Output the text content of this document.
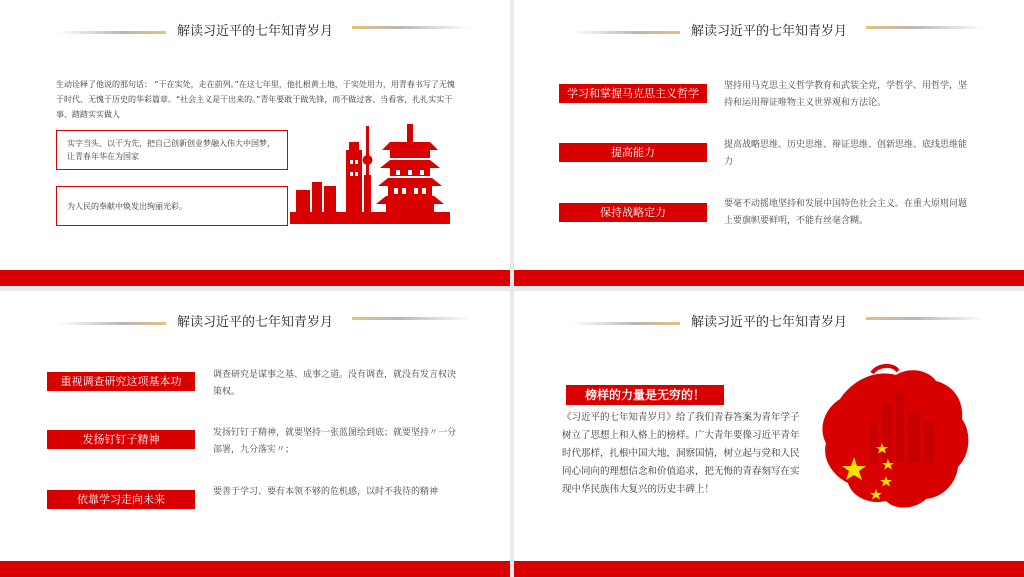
解读习近平的七年知青岁月
生动诠释了他说的那句话： “干在实处，走在前列。”在这七年里，他扎根黄土地，于实处用力，用青春书写了无愧于时代、无愧于历史的华彩篇章。“社会主义是干出来的。”青年要敢于做先锋，而不做过客、当看客，扎扎实实干事、踏踏实实做人
实字当头、以干为先，把自己创新创业梦融入伟大中国梦，让青春年华在为国家
为人民的奉献中焕发出绚丽光彩。
解读习近平的七年知青岁月
学习和掌握马克思主义哲学
坚持用马克思主义哲学教育和武装全党，学哲学、用哲学，坚持和运用辩证唯物主义世界观和方法论。
提高能力
提高战略思维、历史思维、辩证思维、创新思维、底线思维能力
保持战略定力
要毫不动摇地坚持和发展中国特色社会主义。在重大原则问题上要旗帜要鲜明，不能有丝毫含糊。
解读习近平的七年知青岁月
重视调查研究这项基本功	调查研究是谋事之基、成事之道。没有调查，就没有发言权决策权。
发扬钉钉子精神	发扬钉钉子精神，就要坚持一张蓝图绘到底；就要坚持〃一分部署，九分落实〃；
依靠学习走向未来
要善于学习、要有本领不够的危机感，以时不我待的精神
解读习近平的七年知青岁月
榜样的力量是无穷的！
《习近平的七年知青岁月》给了我们青春答案为青年学子树立了思想上和人格上的榜样。广大青年要像习近平青年时代那样，扎根中国大地，洞察国情，树立起与党和人民同心同向的理想信念和价值追求，把无悔的青春刻写在实现中华民族伟大复兴的历史丰碑上！
